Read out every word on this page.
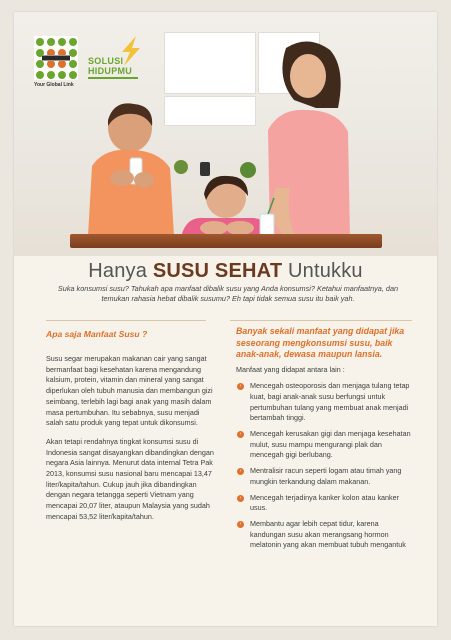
Your Global Link
SOLUSI
HIDUPMU
Hanya SUSU SEHAT Untukku
Suka konsumsi susu? Tahukah apa manfaat dibalik susu yang Anda konsumsi? Ketahui manfaatnya, dan temukan rahasia hebat dibalik susumu? Eh tapi tidak semua susu itu baik yah.
Apa saja Manfaat Susu ?

Susu segar merupakan makanan cair yang sangat bermanfaat bagi kesehatan karena mengandung kalsium, protein, vitamin dan mineral yang sangat diperlukan oleh tubuh manusia dan membangun gizi seimbang, terlebih lagi bagi anak yang masih dalam masa pertumbuhan. Itu sebabnya, susu menjadi salah satu produk yang tepat untuk dikonsumsi.

Akan tetapi rendahnya tingkat konsumsi susu di Indonesia sangat disayangkan dibandingkan dengan negara Asia lainnya. Menurut data internal Tetra Pak 2013, konsumsi susu nasional baru mencapai 13,47 liter/kapita/tahun. Cukup jauh jika dibandingkan dengan negara tetangga seperti Vietnam yang mencapai 20,07 liter, ataupun Malaysia yang sudah mencapai 53,52 liter/kapita/tahun.

Banyak sekali manfaat yang didapat jika seseorang mengkonsumsi susu, baik anak-anak, dewasa maupun lansia.
Manfaat yang didapat antara lain :
›	Mencegah osteoporosis dan menjaga tulang tetap kuat, bagi anak-anak susu berfungsi untuk pertumbuhan tulang yang membuat anak menjadi bertambah tinggi.
›	Mencegah kerusakan gigi dan menjaga kesehatan mulut, susu mampu mengurangi plak dan mencegah gigi berlubang.
›	Mentralisir racun seperti logam atau timah yang mungkin terkandung dalam makanan.
›	Mencegah terjadinya kanker kolon atau kanker usus.
›	Membantu agar lebih cepat tidur, karena kandungan susu akan merangsang hormon melatonin yang akan membuat tubuh mengantuk
